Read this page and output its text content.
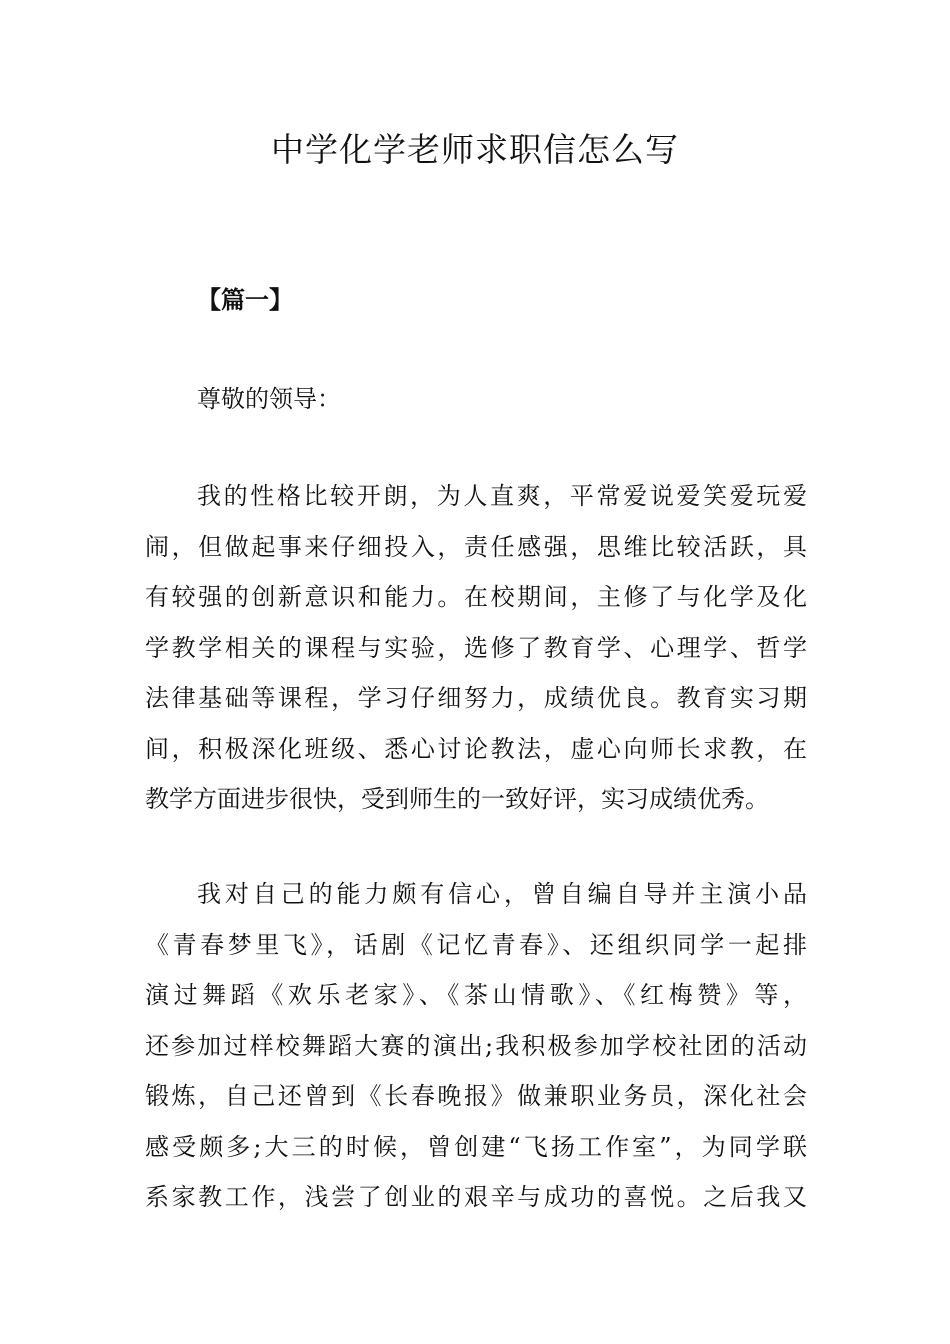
中学化学老师求职信怎么写
【篇一】
尊敬的领导：
我的性格比较开朗，为人直爽，平常爱说爱笑爱玩爱
闹，但做起事来仔细投入，责任感强，思维比较活跃，具
有较强的创新意识和能力。在校期间，主修了与化学及化
学教学相关的课程与实验，选修了教育学、心理学、哲学
法律基础等课程，学习仔细努力，成绩优良。教育实习期
间，积极深化班级、悉心讨论教法，虚心向师长求教，在
教学方面进步很快，受到师生的一致好评，实习成绩优秀。
我对自己的能力颇有信心，曾自编自导并主演小品
《青春梦里飞》，话剧《记忆青春》、还组织同学一起排
演过舞蹈《欢乐老家》、《茶山情歌》、《红梅赞》等，
还参加过样校舞蹈大赛的演出;我积极参加学校社团的活动
锻炼，自己还曾到《长春晚报》做兼职业务员，深化社会
感受颇多;大三的时候，曾创建“飞扬工作室”，为同学联
系家教工作，浅尝了创业的艰辛与成功的喜悦。之后我又
